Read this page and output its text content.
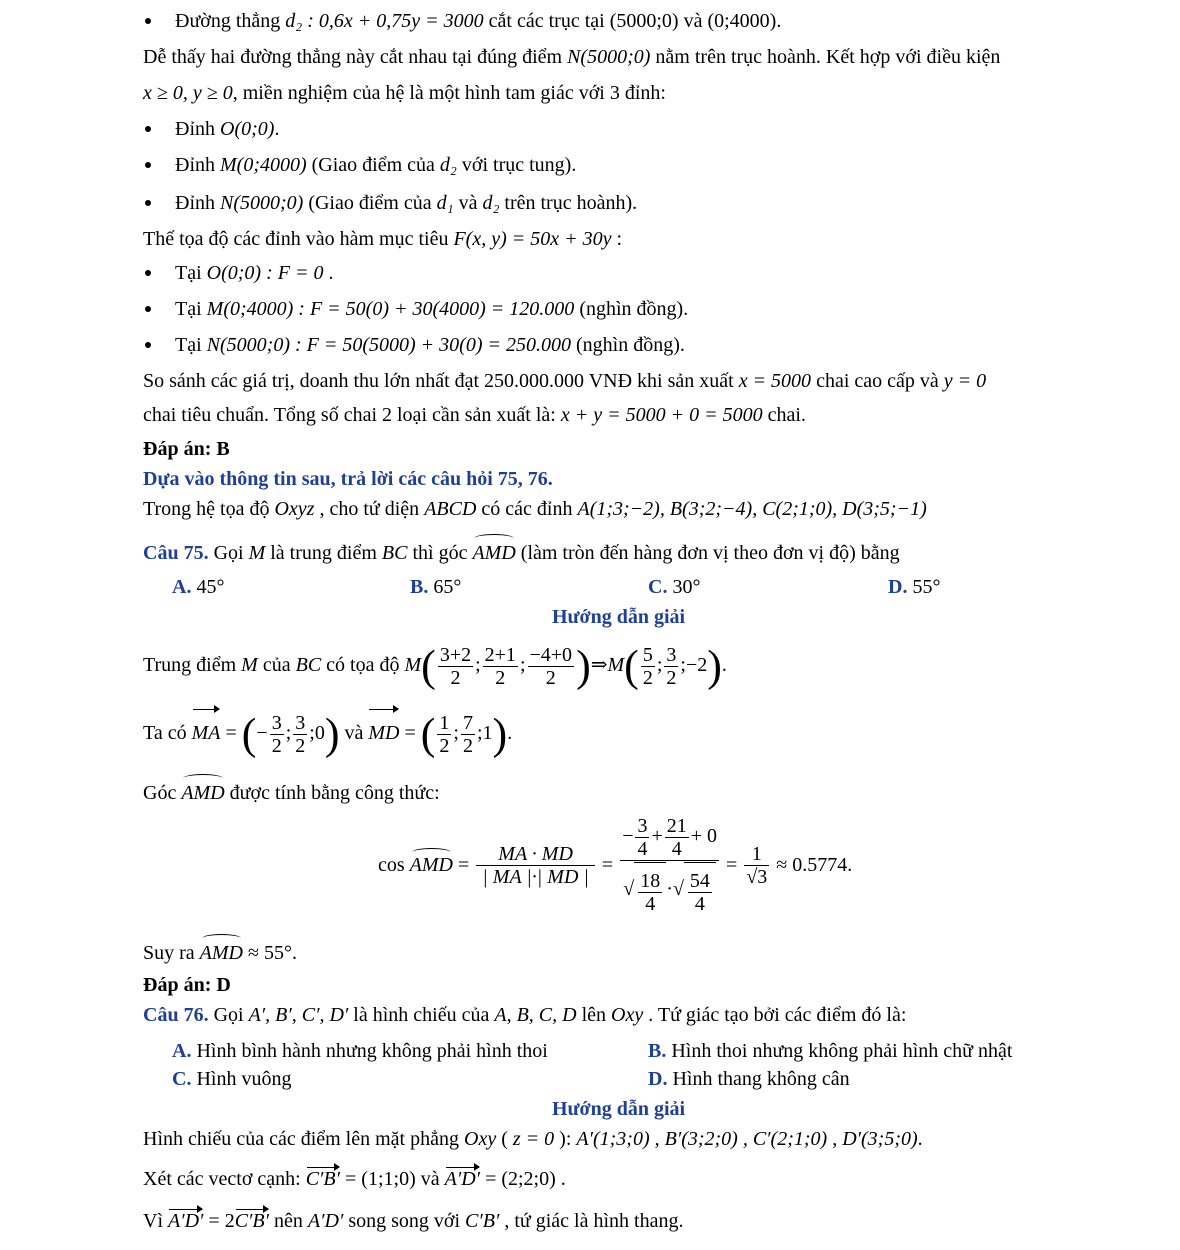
Đường thẳng d₂ : 0,6x + 0,75y = 3000 cắt các trục tại (5000;0) và (0;4000).
Dễ thấy hai đường thẳng này cắt nhau tại đúng điểm N(5000;0) nằm trên trục hoành. Kết hợp với điều kiện
x ≥ 0, y ≥ 0, miền nghiệm của hệ là một hình tam giác với 3 đỉnh:
Đỉnh O(0;0).
Đỉnh M(0;4000) (Giao điểm của d₂ với trục tung).
Đỉnh N(5000;0) (Giao điểm của d₁ và d₂ trên trục hoành).
Thế tọa độ các đỉnh vào hàm mục tiêu F(x, y) = 50x + 30y :
Tại O(0;0) : F = 0 .
Tại M(0;4000) : F = 50(0) + 30(4000) = 120.000 (nghìn đồng).
Tại N(5000;0) : F = 50(5000) + 30(0) = 250.000 (nghìn đồng).
So sánh các giá trị, doanh thu lớn nhất đạt 250.000.000 VNĐ khi sản xuất x = 5000 chai cao cấp và y = 0
chai tiêu chuẩn. Tổng số chai 2 loại cần sản xuất là: x + y = 5000 + 0 = 5000 chai.
Đáp án: B
Dựa vào thông tin sau, trả lời các câu hỏi 75, 76.
Trong hệ tọa độ Oxyz , cho tứ diện ABCD có các đỉnh A(1;3;−2), B(3;2;−4), C(2;1;0), D(3;5;−1)
Câu 75. Gọi M là trung điểm BC thì góc AMD (làm tròn đến hàng đơn vị theo đơn vị độ) bằng
A. 45°	B. 65°	C. 30°	D. 55°
Hướng dẫn giải
Trung điểm M của BC có tọa độ $M( \frac{3+2}{2}$ ; $\frac{2+1}{2}$ ; $\frac{-4+0}{2}$ )⇒M( $\frac{5}{2}$ ; $\frac{3}{2}$ ;−2).
Ta có MA = (− $\frac{3}{2}$ ; $\frac{3}{2}$ ;0) và MD = ( $\frac{1}{2}$ ; $\frac{7}{2}$ ;1).
Góc AMD được tính bằng công thức:
cos AMD = $\frac{MA \cdot MD}{| MA |\cdot| MD |} = \frac{- \frac{3}{4} + \frac{21}{4} + 0}{√ \frac{18}{4} \cdot√ \frac{54}{4}} = \frac{1}{√3} \approx 0.5774$.
Suy ra AMD ≈ 55°.
Đáp án: D
Câu 76. Gọi A′, B′, C′, D′ là hình chiếu của A, B, C, D lên Oxy . Tứ giác tạo bởi các điểm đó là:
A. Hình bình hành nhưng không phải hình thoi	B. Hình thoi nhưng không phải hình chữ nhật
C. Hình vuông	D. Hình thang không cân
Hướng dẫn giải
Hình chiếu của các điểm lên mặt phẳng Oxy ( z = 0 ): A′(1;3;0) , B′(3;2;0) , C′(2;1;0) , D′(3;5;0).
Xét các vectơ cạnh: C′B′ = (1;1;0) và A′D′ = (2;2;0) .
Vì A′D′ = 2C′B′ nên A′D′ song song với C′B′ , tứ giác là hình thang.
